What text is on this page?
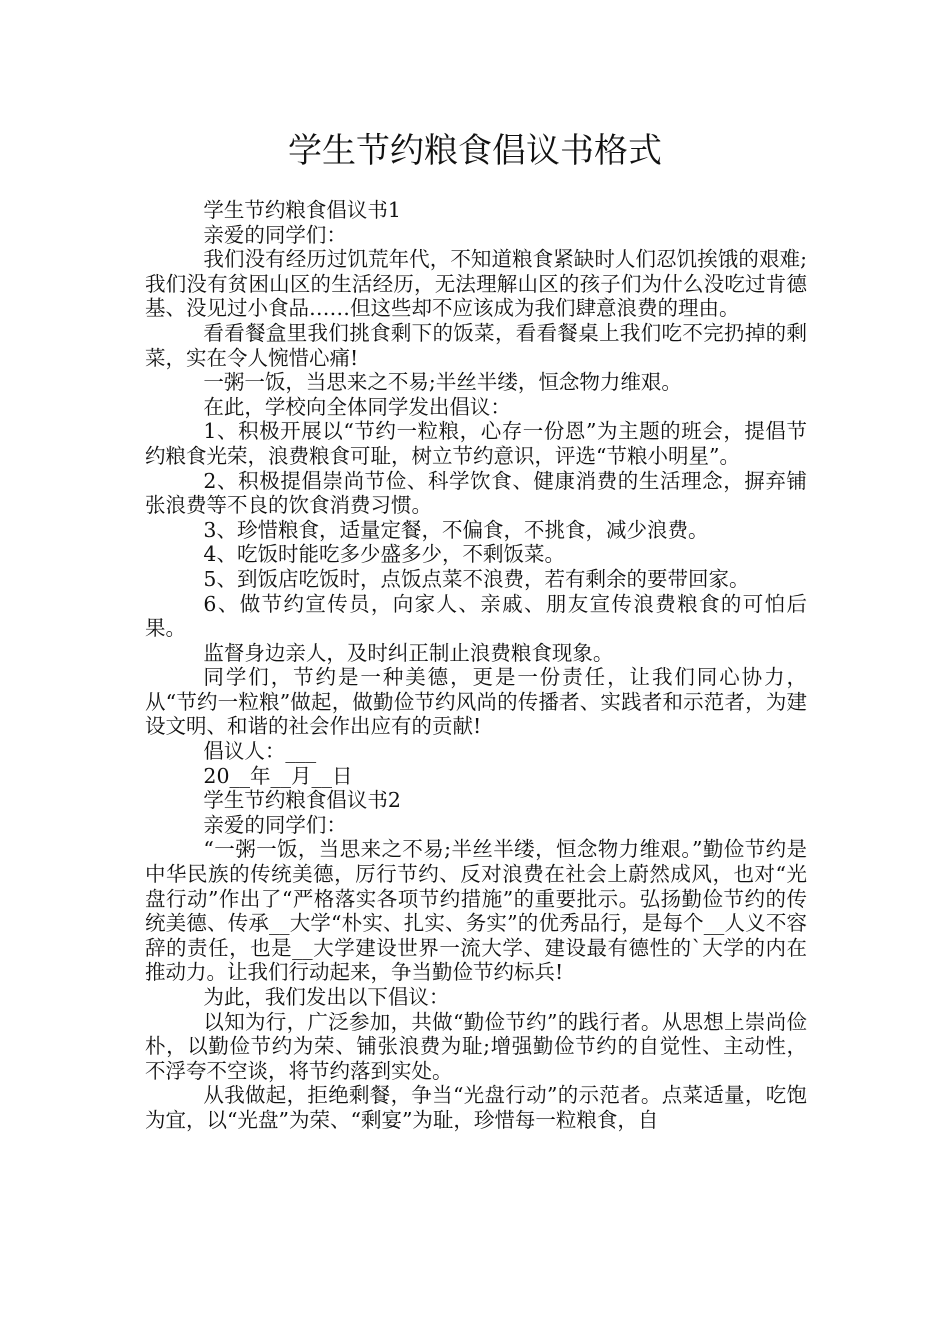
学生节约粮食倡议书格式

学生节约粮食倡议书1

亲爱的同学们：

我们没有经历过饥荒年代，不知道粮食紧缺时人们忍饥挨饿的艰难;我们没有贫困山区的生活经历，无法理解山区的孩子们为什么没吃过肯德基、没见过小食品……但这些却不应该成为我们肆意浪费的理由。

看看餐盒里我们挑食剩下的饭菜，看看餐桌上我们吃不完扔掉的剩菜，实在令人惋惜心痛!

一粥一饭，当思来之不易;半丝半缕，恒念物力维艰。

在此，学校向全体同学发出倡议：

1、积极开展以“节约一粒粮，心存一份恩”为主题的班会，提倡节约粮食光荣，浪费粮食可耻，树立节约意识，评选“节粮小明星”。

2、积极提倡崇尚节俭、科学饮食、健康消费的生活理念，摒弃铺张浪费等不良的饮食消费习惯。

3、珍惜粮食，适量定餐，不偏食，不挑食，减少浪费。

4、吃饭时能吃多少盛多少，不剩饭菜。

5、到饭店吃饭时，点饭点菜不浪费，若有剩余的要带回家。

6、做节约宣传员，向家人、亲戚、朋友宣传浪费粮食的可怕后果。

监督身边亲人，及时纠正制止浪费粮食现象。

同学们，节约是一种美德，更是一份责任，让我们同心协力，从“节约一粒粮”做起，做勤俭节约风尚的传播者、实践者和示范者，为建设文明、和谐的社会作出应有的贡献!

倡议人：___

20__年__月__日

学生节约粮食倡议书2

亲爱的同学们：

“一粥一饭，当思来之不易;半丝半缕，恒念物力维艰。”勤俭节约是中华民族的传统美德，厉行节约、反对浪费在社会上蔚然成风，也对“光盘行动”作出了“严格落实各项节约措施”的重要批示。弘扬勤俭节约的传统美德、传承__大学“朴实、扎实、务实”的优秀品行，是每个__人义不容辞的责任，也是__大学建设世界一流大学、建设最有德性的`大学的内在推动力。让我们行动起来，争当勤俭节约标兵!

为此，我们发出以下倡议：

以知为行，广泛参加，共做“勤俭节约”的践行者。从思想上崇尚俭朴，以勤俭节约为荣、铺张浪费为耻;增强勤俭节约的自觉性、主动性，不浮夸不空谈，将节约落到实处。

从我做起，拒绝剩餐，争当“光盘行动”的示范者。点菜适量，吃饱为宜，以“光盘”为荣、“剩宴”为耻，珍惜每一粒粮食，自
